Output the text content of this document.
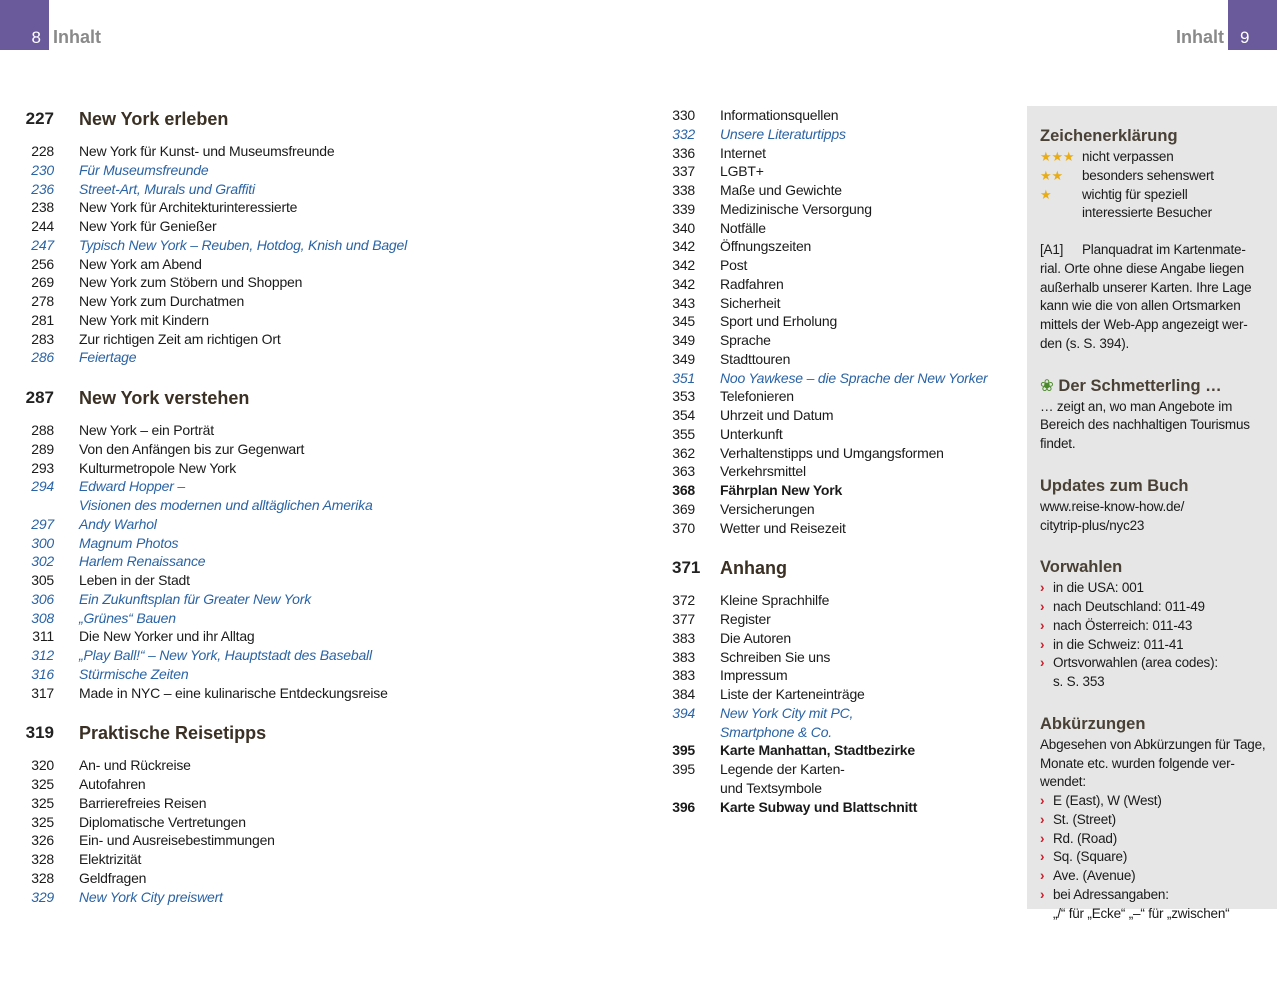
8 Inhalt	Inhalt 9
227	New York erleben
228	New York für Kunst- und Museumsfreunde
230	Für Museumsfreunde
236	Street-Art, Murals und Graffiti
238	New York für Architekturinteressierte
244	New York für Genießer
247	Typisch New York – Reuben, Hotdog, Knish und Bagel
256	New York am Abend
269	New York zum Stöbern und Shoppen
278	New York zum Durchatmen
281	New York mit Kindern
283	Zur richtigen Zeit am richtigen Ort
286	Feiertage
287	New York verstehen
288	New York – ein Porträt
289	Von den Anfängen bis zur Gegenwart
293	Kulturmetropole New York
294	Edward Hopper –
Visionen des modernen und alltäglichen Amerika
297	Andy Warhol
300	Magnum Photos
302	Harlem Renaissance
305	Leben in der Stadt
306	Ein Zukunftsplan für Greater New York
308	„Grünes“ Bauen
311	Die New Yorker und ihr Alltag
312	„Play Ball!“ – New York, Hauptstadt des Baseball
316	Stürmische Zeiten
317	Made in NYC – eine kulinarische Entdeckungsreise
319	Praktische Reisetipps
320	An- und Rückreise
325	Autofahren
325	Barrierefreies Reisen
325	Diplomatische Vertretungen
326	Ein- und Ausreisebestimmungen
328	Elektrizität
328	Geldfragen
329	New York City preiswert
330	Informationsquellen
332	Unsere Literaturtipps
336	Internet
337	LGBT+
338	Maße und Gewichte
339	Medizinische Versorgung
340	Notfälle
342	Öffnungszeiten
342	Post
342	Radfahren
343	Sicherheit
345	Sport und Erholung
349	Sprache
349	Stadttouren
351	Noo Yawkese – die Sprache der New Yorker
353	Telefonieren
354	Uhrzeit und Datum
355	Unterkunft
362	Verhaltenstipps und Umgangsformen
363	Verkehrsmittel
368	Fährplan New York
369	Versicherungen
370	Wetter und Reisezeit
371	Anhang
372	Kleine Sprachhilfe
377	Register
383	Die Autoren
383	Schreiben Sie uns
383	Impressum
384	Liste der Karteneinträge
394	New York City mit PC,
Smartphone & Co.
395	Karte Manhattan, Stadtbezirke
395	Legende der Karten-
und Textsymbole
396	Karte Subway und Blattschnitt
Zeichenerklärung
★★★ nicht verpassen
★★ besonders sehenswert
★ wichtig für speziell
interessierte Besucher
[A1] Planquadrat im Kartenmate-
rial. Orte ohne diese Angabe liegen
außerhalb unserer Karten. Ihre Lage
kann wie die von allen Ortsmarken
mittels der Web-App angezeigt wer-
den (s. S. 394).
❀ Der Schmetterling …
… zeigt an, wo man Angebote im
Bereich des nachhaltigen Tourismus
findet.
Updates zum Buch
www.reise-know-how.de/
citytrip-plus/nyc23
Vorwahlen
› in die USA: 001
› nach Deutschland: 011-49
› nach Österreich: 011-43
› in die Schweiz: 011-41
› Ortsvorwahlen (area codes):
s. S. 353
Abkürzungen
Abgesehen von Abkürzungen für Tage,
Monate etc. wurden folgende ver-
wendet:
› E (East), W (West)
› St. (Street)
› Rd. (Road)
› Sq. (Square)
› Ave. (Avenue)
› bei Adressangaben:
„/“ für „Ecke“ „–“ für „zwischen“
